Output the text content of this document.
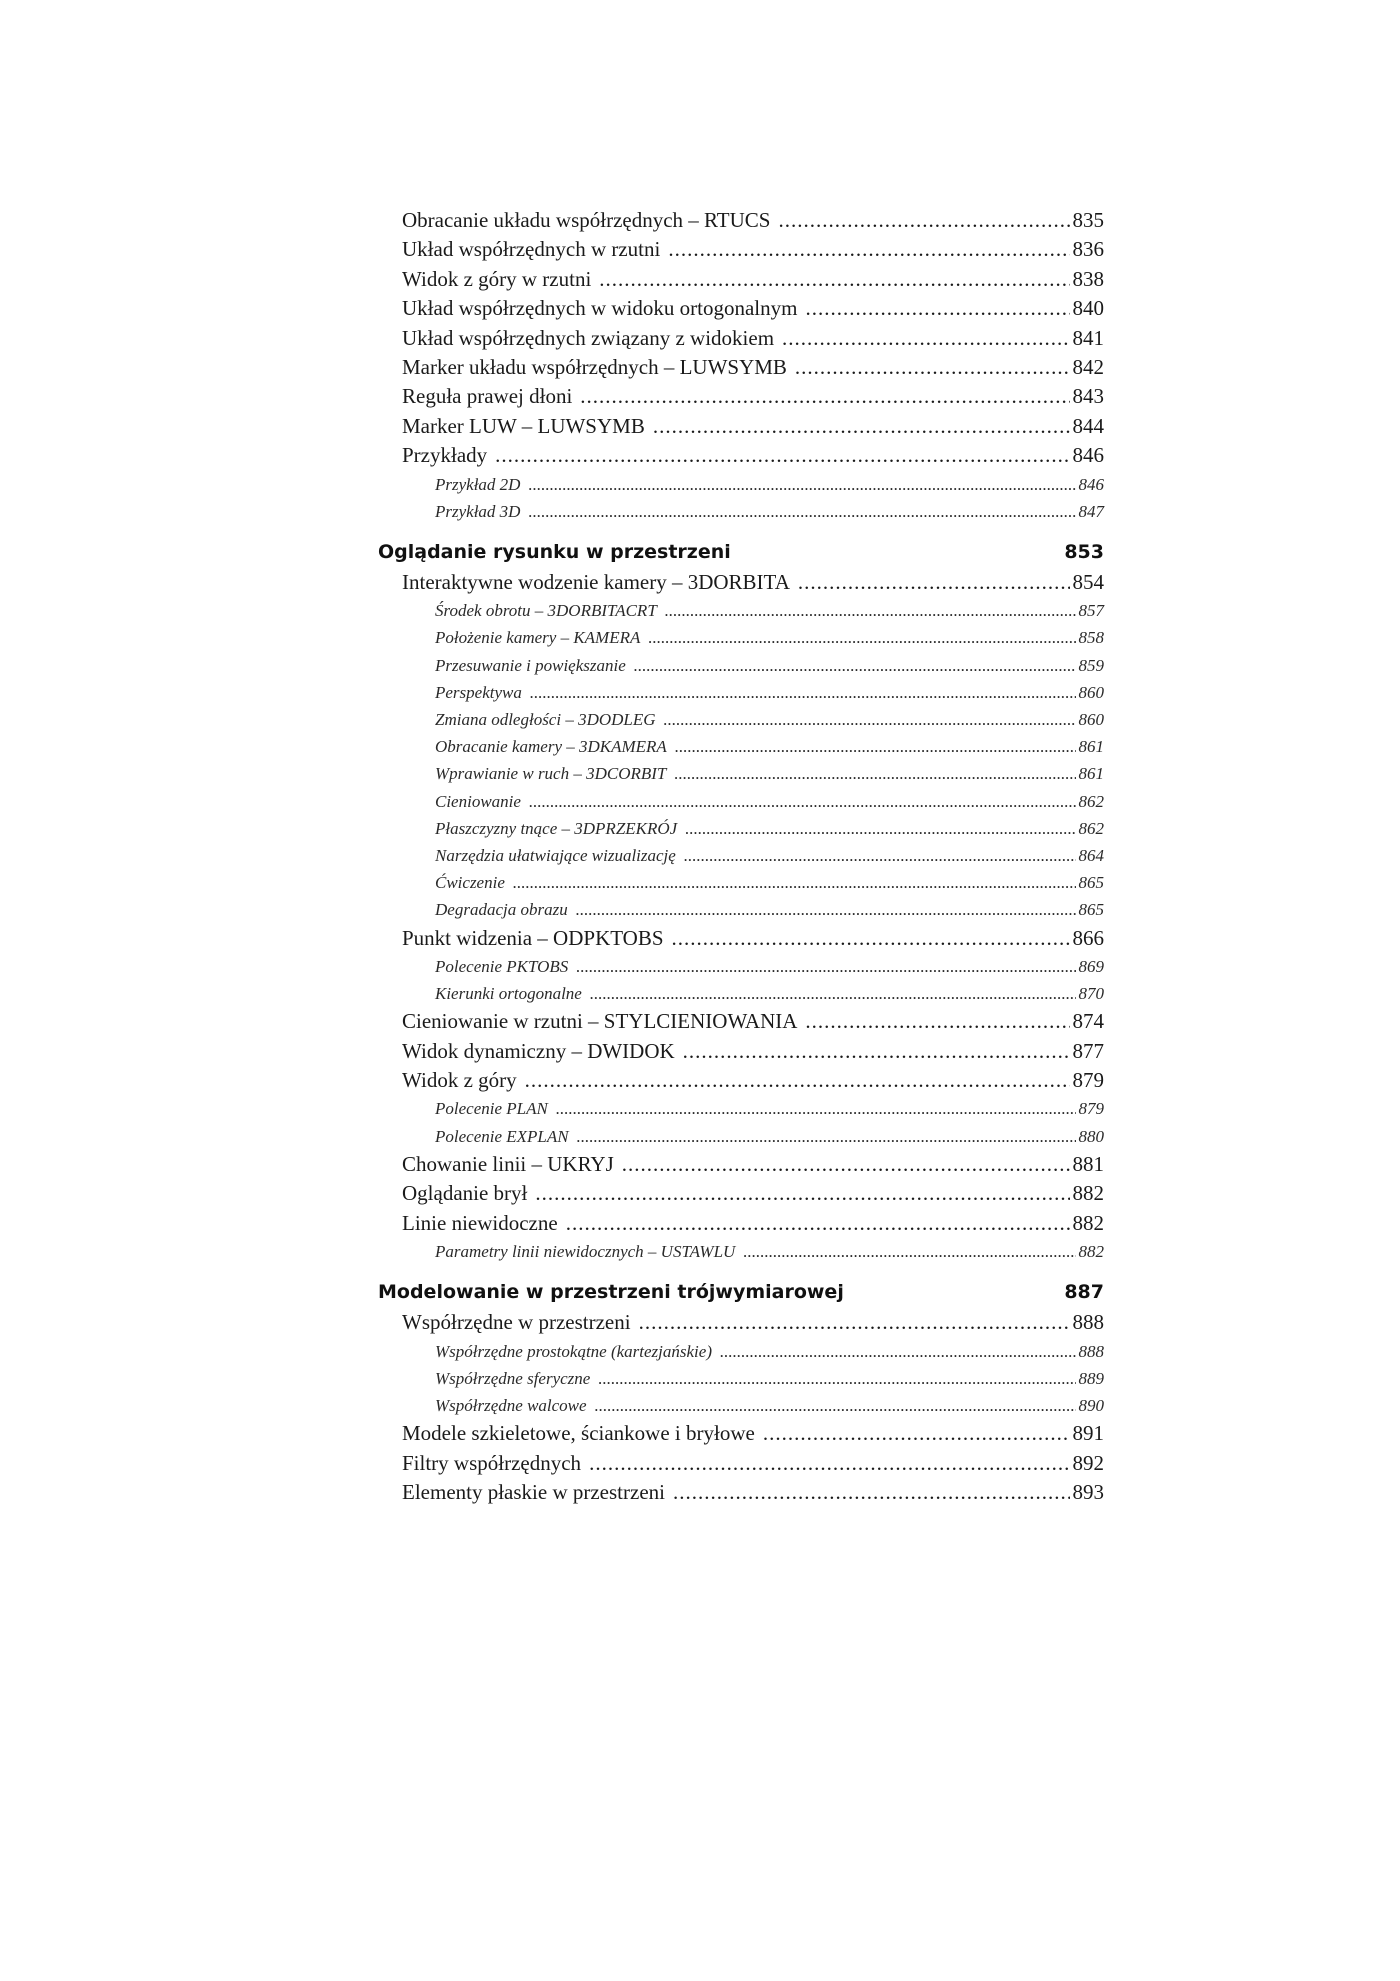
Obracanie układu współrzędnych – RTUCS .....	835
Układ współrzędnych w rzutni .....	836
Widok z góry w rzutni .....	838
Układ współrzędnych w widoku ortogonalnym .....	840
Układ współrzędnych związany z widokiem .....	841
Marker układu współrzędnych – LUWSYMB .....	842
Reguła prawej dłoni .....	843
Marker LUW – LUWSYMB .....	844
Przykłady .....	846
Przykład 2D .....	846
Przykład 3D .....	847
Oglądanie rysunku w przestrzeni	853
Interaktywne wodzenie kamery – 3DORBITA .....	854
Środek obrotu – 3DORBITACRT .....	857
Położenie kamery – KAMERA .....	858
Przesuwanie i powiększanie .....	859
Perspektywa .....	860
Zmiana odległości – 3DODLEG .....	860
Obracanie kamery – 3DKAMERA .....	861
Wprawianie w ruch – 3DCORBIT .....	861
Cieniowanie .....	862
Płaszczyzny tnące – 3DPRZEKRÓJ .....	862
Narzędzia ułatwiające wizualizację .....	864
Ćwiczenie .....	865
Degradacja obrazu .....	865
Punkt widzenia – ODPKTOBS .....	866
Polecenie PKTOBS .....	869
Kierunki ortogonalne .....	870
Cieniowanie w rzutni – STYLCIENIOWANIA .....	874
Widok dynamiczny – DWIDOK .....	877
Widok z góry .....	879
Polecenie PLAN .....	879
Polecenie EXPLAN .....	880
Chowanie linii – UKRYJ .....	881
Oglądanie brył .....	882
Linie niewidoczne .....	882
Parametry linii niewidocznych – USTAWLU .....	882
Modelowanie w przestrzeni trójwymiarowej	887
Współrzędne w przestrzeni .....	888
Współrzędne prostokątne (kartezjańskie) .....	888
Współrzędne sferyczne .....	889
Współrzędne walcowe .....	890
Modele szkieletowe, ściankowe i bryłowe .....	891
Filtry współrzędnych .....	892
Elementy płaskie w przestrzeni .....	893
